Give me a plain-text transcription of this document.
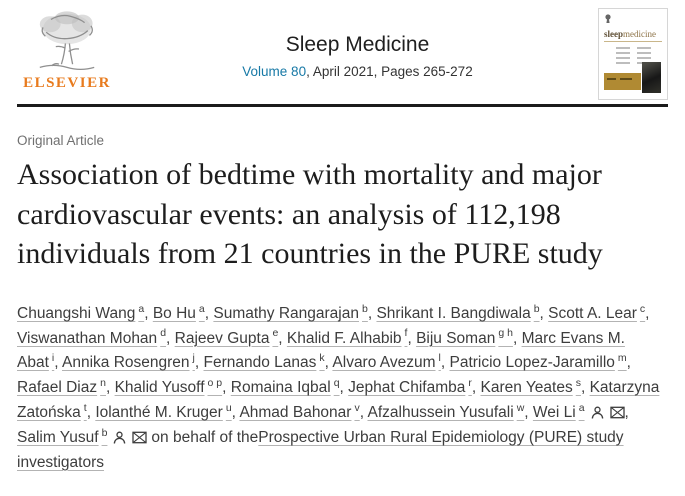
ELSEVIER
Sleep Medicine
Volume 80, April 2021, Pages 265-272
sleepmedicine
Original Article
Association of bedtime with mortality and major cardiovascular events: an analysis of 112,198 individuals from 21 countries in the PURE study
Chuangshi Wang $^a$, Bo Hu $^a$, Sumathy Rangarajan $^b$, Shrikant I. Bangdiwala $^b$, Scott A. Lear $^c$, Viswanathan Mohan $^d$, Rajeev Gupta $^e$, Khalid F. Alhabib $^f$, Biju Soman $^{g h}$, Marc Evans M. Abat $^i$, Annika Rosengren $^j$, Fernando Lanas $^k$, Alvaro Avezum $^l$, Patricio Lopez-Jaramillo $^m$, Rafael Diaz $^n$, Khalid Yusoff $^{o p}$, Romaina Iqbal $^q$, Jephat Chifamba $^r$, Karen Yeates $^s$, Katarzyna Zatońska $^t$, Iolanthé M. Kruger $^u$, Ahmad Bahonar $^v$, Afzalhussein Yusufali $^w$, Wei Li $^a$	, Salim Yusuf $^b$	on behalf of theProspective Urban Rural Epidemiology (PURE) study investigators
